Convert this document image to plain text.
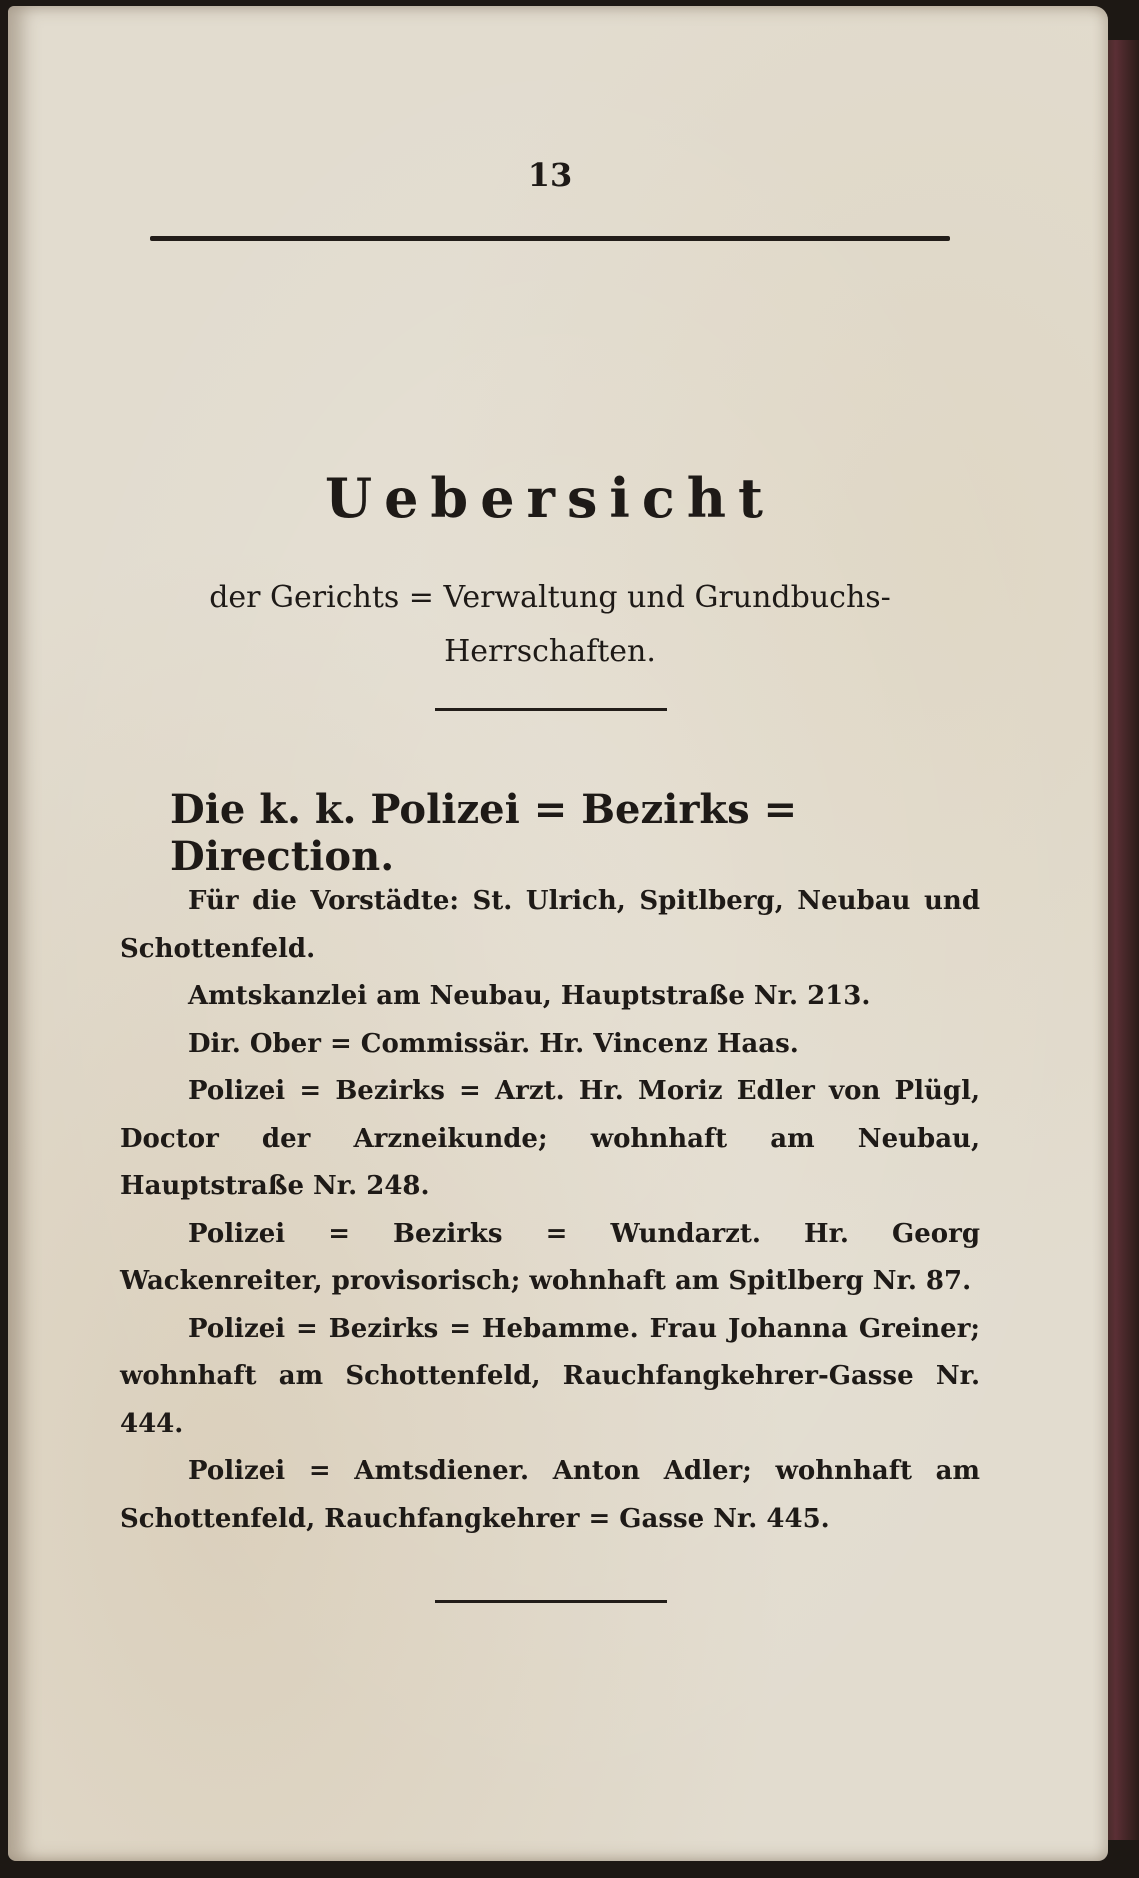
13
Uebersicht
der Gerichts = Verwaltung und Grundbuchs- Herrschaften.
Die k. k. Polizei = Bezirks = Direction.

Für die Vorstädte: St. Ulrich, Spitlberg, Neubau und Schottenfeld.

Amtskanzlei am Neubau, Hauptstraße Nr. 213.

Dir. Ober = Commissär. Hr. Vincenz Haas.

Polizei = Bezirks = Arzt. Hr. Moriz Edler von Plügl, Doctor der Arzneikunde; wohnhaft am Neubau, Hauptstraße Nr. 248.

Polizei = Bezirks = Wundarzt. Hr. Georg Wackenreiter, provisorisch; wohnhaft am Spitlberg Nr. 87.

Polizei = Bezirks = Hebamme. Frau Johanna Greiner; wohnhaft am Schottenfeld, Rauchfangkehrer-Gasse Nr. 444.

Polizei = Amtsdiener. Anton Adler; wohnhaft am Schottenfeld, Rauchfangkehrer = Gasse Nr. 445.
